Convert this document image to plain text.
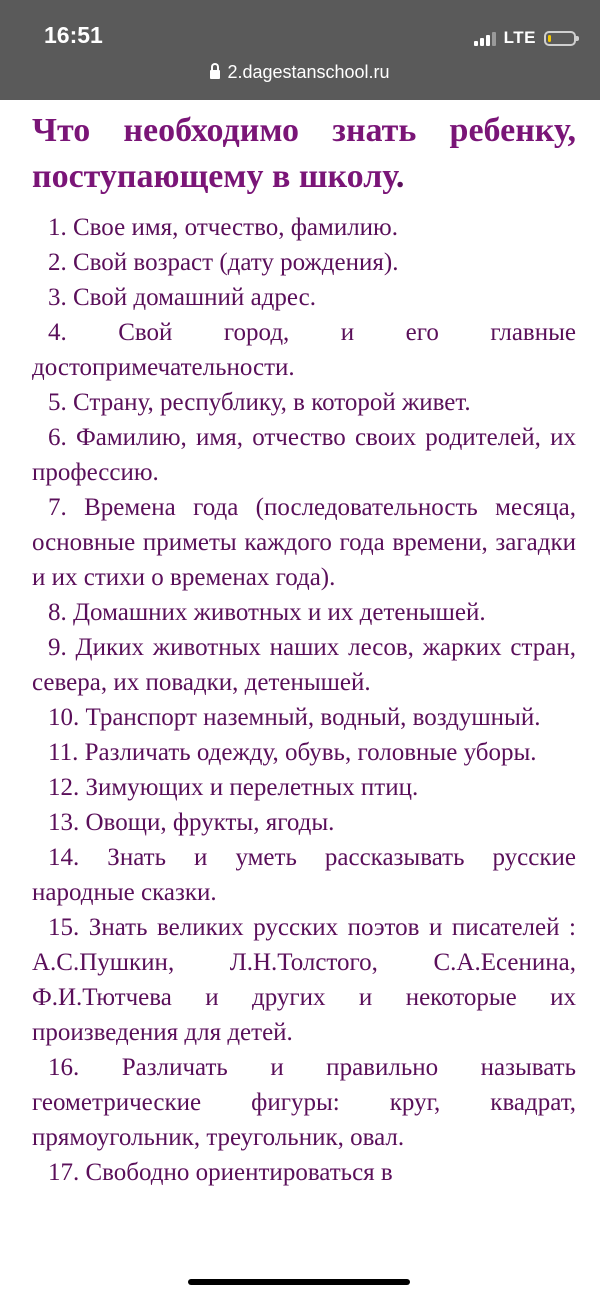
16:51	LTE
2.dagestanschool.ru
Что необходимо знать ребенку, поступающему в школу.

1. Свое имя, отчество, фамилию.

2. Свой возраст (дату рождения).

3. Свой домашний адрес.

4. Свой город, и его главные достопримечательности.

5. Страну, республику, в которой живет.

6. Фамилию, имя, отчество своих родителей, их профессию.

7. Времена года (последовательность месяца, основные приметы каждого года времени, загадки и их стихи о временах года).

8. Домашних животных и их детенышей.

9. Диких животных наших лесов, жарких стран, севера, их повадки, детенышей.

10. Транспорт наземный, водный, воздушный.

11. Различать одежду, обувь, головные уборы.

12. Зимующих и перелетных птиц.

13. Овощи, фрукты, ягоды.

14. Знать и уметь рассказывать русские народные сказки.

15. Знать великих русских поэтов и писателей : А.С.Пушкин, Л.Н.Толстого, С.А.Есенина, Ф.И.Тютчева и других и некоторые их произведения для детей.

16. Различать и правильно называть геометрические фигуры: круг, квадрат, прямоугольник, треугольник, овал.

17. Свободно ориентироваться в
